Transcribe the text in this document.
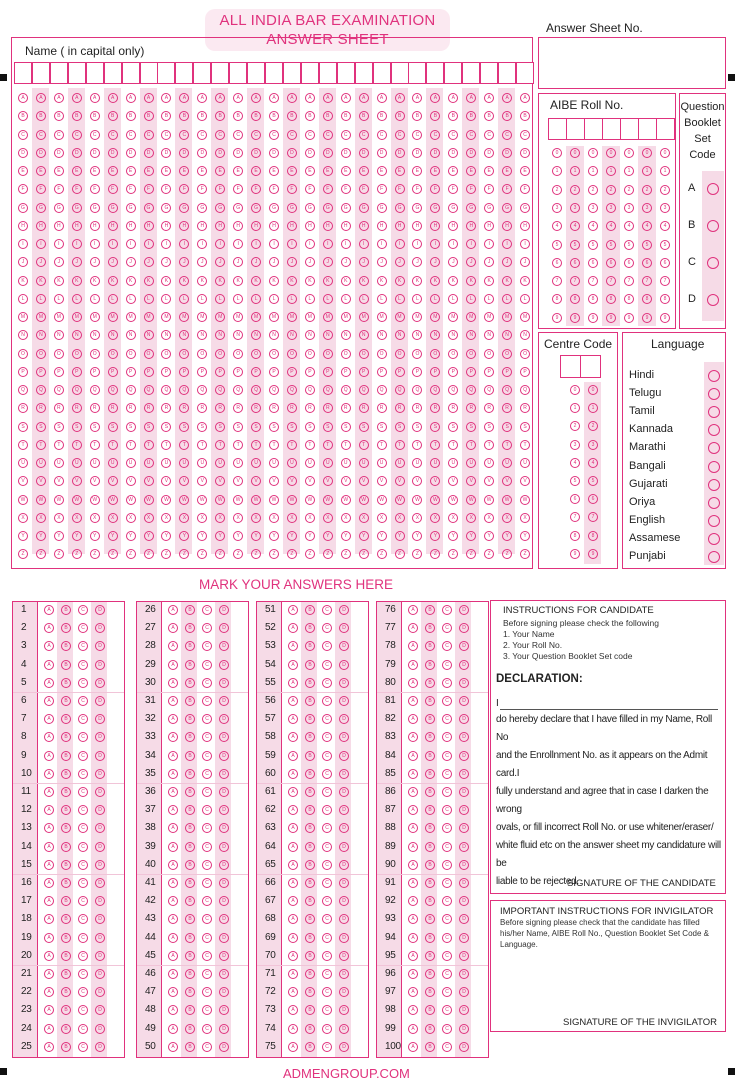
ALL INDIA BAR EXAMINATION
ANSWER SHEET
Answer Sheet No.
Name ( in capital only)
A	A	A	A	A	A	A	A	A	A	A	A	A	A	A	A	A	A	A	A	A	A	A	A	A	A	A	A	A
B	B	B	B	B	B	B	B	B	B	B	B	B	B	B	B	B	B	B	B	B	B	B	B	B	B	B	B	B
C	C	C	C	C	C	C	C	C	C	C	C	C	C	C	C	C	C	C	C	C	C	C	C	C	C	C	C	C
D	D	D	D	D	D	D	D	D	D	D	D	D	D	D	D	D	D	D	D	D	D	D	D	D	D	D	D	D
E	E	E	E	E	E	E	E	E	E	E	E	E	E	E	E	E	E	E	E	E	E	E	E	E	E	E	E	E
F	F	F	F	F	F	F	F	F	F	F	F	F	F	F	F	F	F	F	F	F	F	F	F	F	F	F	F	F
G	G	G	G	G	G	G	G	G	G	G	G	G	G	G	G	G	G	G	G	G	G	G	G	G	G	G	G	G
H	H	H	H	H	H	H	H	H	H	H	H	H	H	H	H	H	H	H	H	H	H	H	H	H	H	H	H	H
I	I	I	I	I	I	I	I	I	I	I	I	I	I	I	I	I	I	I	I	I	I	I	I	I	I	I	I	I
J	J	J	J	J	J	J	J	J	J	J	J	J	J	J	J	J	J	J	J	J	J	J	J	J	J	J	J	J
K	K	K	K	K	K	K	K	K	K	K	K	K	K	K	K	K	K	K	K	K	K	K	K	K	K	K	K	K
L	L	L	L	L	L	L	L	L	L	L	L	L	L	L	L	L	L	L	L	L	L	L	L	L	L	L	L	L
M	M	M	M	M	M	M	M	M	M	M	M	M	M	M	M	M	M	M	M	M	M	M	M	M	M	M	M	M
N	N	N	N	N	N	N	N	N	N	N	N	N	N	N	N	N	N	N	N	N	N	N	N	N	N	N	N	N
O	O	O	O	O	O	O	O	O	O	O	O	O	O	O	O	O	O	O	O	O	O	O	O	O	O	O	O	O
P	P	P	P	P	P	P	P	P	P	P	P	P	P	P	P	P	P	P	P	P	P	P	P	P	P	P	P	P
Q	Q	Q	Q	Q	Q	Q	Q	Q	Q	Q	Q	Q	Q	Q	Q	Q	Q	Q	Q	Q	Q	Q	Q	Q	Q	Q	Q	Q
R	R	R	R	R	R	R	R	R	R	R	R	R	R	R	R	R	R	R	R	R	R	R	R	R	R	R	R	R
S	S	S	S	S	S	S	S	S	S	S	S	S	S	S	S	S	S	S	S	S	S	S	S	S	S	S	S	S
T	T	T	T	T	T	T	T	T	T	T	T	T	T	T	T	T	T	T	T	T	T	T	T	T	T	T	T	T
U	U	U	U	U	U	U	U	U	U	U	U	U	U	U	U	U	U	U	U	U	U	U	U	U	U	U	U	U
V	V	V	V	V	V	V	V	V	V	V	V	V	V	V	V	V	V	V	V	V	V	V	V	V	V	V	V	V
W	W	W	W	W	W	W	W	W	W	W	W	W	W	W	W	W	W	W	W	W	W	W	W	W	W	W	W	W
X	X	X	X	X	X	X	X	X	X	X	X	X	X	X	X	X	X	X	X	X	X	X	X	X	X	X	X	X
Y	Y	Y	Y	Y	Y	Y	Y	Y	Y	Y	Y	Y	Y	Y	Y	Y	Y	Y	Y	Y	Y	Y	Y	Y	Y	Y	Y	Y
Z	Z	Z	Z	Z	Z	Z	Z	Z	Z	Z	Z	Z	Z	Z	Z	Z	Z	Z	Z	Z	Z	Z	Z	Z	Z	Z	Z	Z
AIBE Roll No.
0	0	0	0	0	0	0
1	1	1	1	1	1	1
2	2	2	2	2	2	2
3	3	3	3	3	3	3
4	4	4	4	4	4	4
5	5	5	5	5	5	5
6	6	6	6	6	6	6
7	7	7	7	7	7	7
8	8	8	8	8	8	8
9	9	9	9	9	9	9
Question
Booklet
Set
Code
A
B
C
D
Centre Code
0	0
1	1
2	2
3	3
4	4
5	5
6	6
7	7
8	8
9	9
Language
Hindi
Telugu
Tamil
Kannada
Marathi
Bangali
Gujarati
Oriya
English
Assamese
Punjabi
MARK YOUR ANSWERS HERE
1	A	B	C	D
2	A	B	C	D
3	A	B	C	D
4	A	B	C	D
5	A	B	C	D
6	A	B	C	D
7	A	B	C	D
8	A	B	C	D
9	A	B	C	D
10	A	B	C	D
11	A	B	C	D
12	A	B	C	D
13	A	B	C	D
14	A	B	C	D
15	A	B	C	D
16	A	B	C	D
17	A	B	C	D
18	A	B	C	D
19	A	B	C	D
20	A	B	C	D
21	A	B	C	D
22	A	B	C	D
23	A	B	C	D
24	A	B	C	D
25	A	B	C	D
26	A	B	C	D
27	A	B	C	D
28	A	B	C	D
29	A	B	C	D
30	A	B	C	D
31	A	B	C	D
32	A	B	C	D
33	A	B	C	D
34	A	B	C	D
35	A	B	C	D
36	A	B	C	D
37	A	B	C	D
38	A	B	C	D
39	A	B	C	D
40	A	B	C	D
41	A	B	C	D
42	A	B	C	D
43	A	B	C	D
44	A	B	C	D
45	A	B	C	D
46	A	B	C	D
47	A	B	C	D
48	A	B	C	D
49	A	B	C	D
50	A	B	C	D
51	A	B	C	D
52	A	B	C	D
53	A	B	C	D
54	A	B	C	D
55	A	B	C	D
56	A	B	C	D
57	A	B	C	D
58	A	B	C	D
59	A	B	C	D
60	A	B	C	D
61	A	B	C	D
62	A	B	C	D
63	A	B	C	D
64	A	B	C	D
65	A	B	C	D
66	A	B	C	D
67	A	B	C	D
68	A	B	C	D
69	A	B	C	D
70	A	B	C	D
71	A	B	C	D
72	A	B	C	D
73	A	B	C	D
74	A	B	C	D
75	A	B	C	D
76	A	B	C	D
77	A	B	C	D
78	A	B	C	D
79	A	B	C	D
80	A	B	C	D
81	A	B	C	D
82	A	B	C	D
83	A	B	C	D
84	A	B	C	D
85	A	B	C	D
86	A	B	C	D
87	A	B	C	D
88	A	B	C	D
89	A	B	C	D
90	A	B	C	D
91	A	B	C	D
92	A	B	C	D
93	A	B	C	D
94	A	B	C	D
95	A	B	C	D
96	A	B	C	D
97	A	B	C	D
98	A	B	C	D
99	A	B	C	D
100	A	B	C	D
INSTRUCTIONS FOR CANDIDATE
Before signing please check the following
1. Your Name
2. Your Roll No.
3. Your Question Booklet Set code
DECLARATION:
I
do hereby declare that I have filled in my Name, Roll No
and the Enrollnment No. as it appears on the Admit card.I
fully understand and agree that in case I darken the wrong
ovals, or fill incorrect Roll No. or use whitener/eraser/
white fluid etc on the answer sheet my candidature will be
liable to be rejected.
SIGNATURE OF THE CANDIDATE
IMPORTANT INSTRUCTIONS FOR INVIGILATOR
Before signing please check that the candidate has filled
his/her Name, AIBE Roll No., Question Booklet Set Code &
Language.
SIGNATURE OF THE INVIGILATOR
ADMENGROUP.COM
